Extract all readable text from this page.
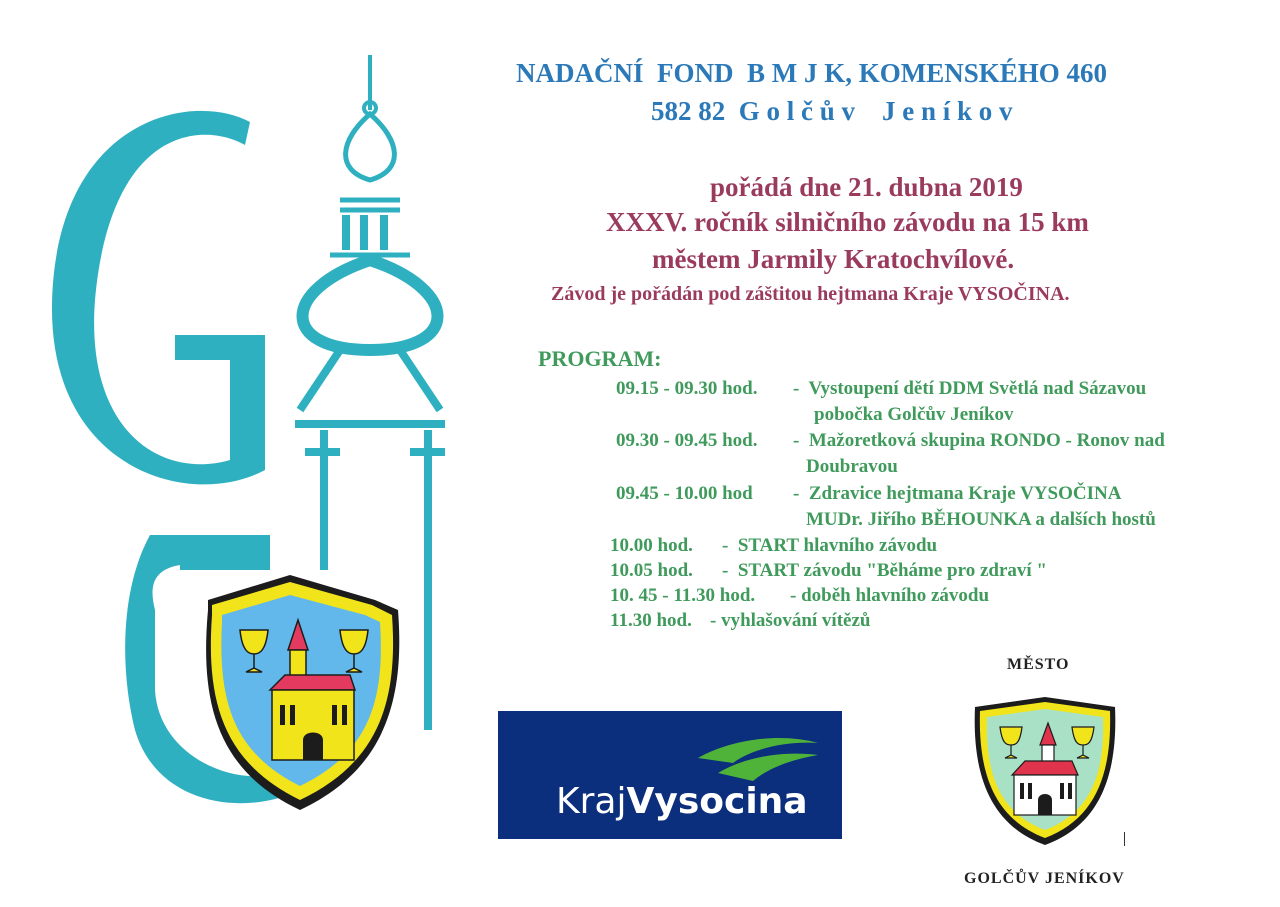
NADAČNÍ  FOND  B M J K, KOMENSKÉHO 460
582 82  G o l č ů v    J e n í k o v
pořádá dne 21. dubna 2019
XXXV. ročník silničního závodu na 15 km
městem Jarmily Kratochvílové.
Závod je pořádán pod záštitou hejtmana Kraje VYSOČINA.
PROGRAM:
09.15 - 09.30 hod. -  Vystoupení dětí DDM Světlá nad Sázavou
pobočka Golčův Jeníkov
09.30 - 09.45 hod. -  Mažoretková skupina RONDO - Ronov nad
Doubravou
09.45 - 10.00 hod -  Zdravice hejtmana Kraje VYSOČINA
MUDr. Jiřího BĚHOUNKA a dalších hostů
10.00 hod. -  START hlavního závodu
10.05 hod. -  START závodu "Běháme pro zdraví "
10. 45 - 11.30 hod. - doběh hlavního závodu
11.30 hod. - vyhlašování vítězů
KrajVysocina
MĚSTO
GOLČŮV JENÍKOV
